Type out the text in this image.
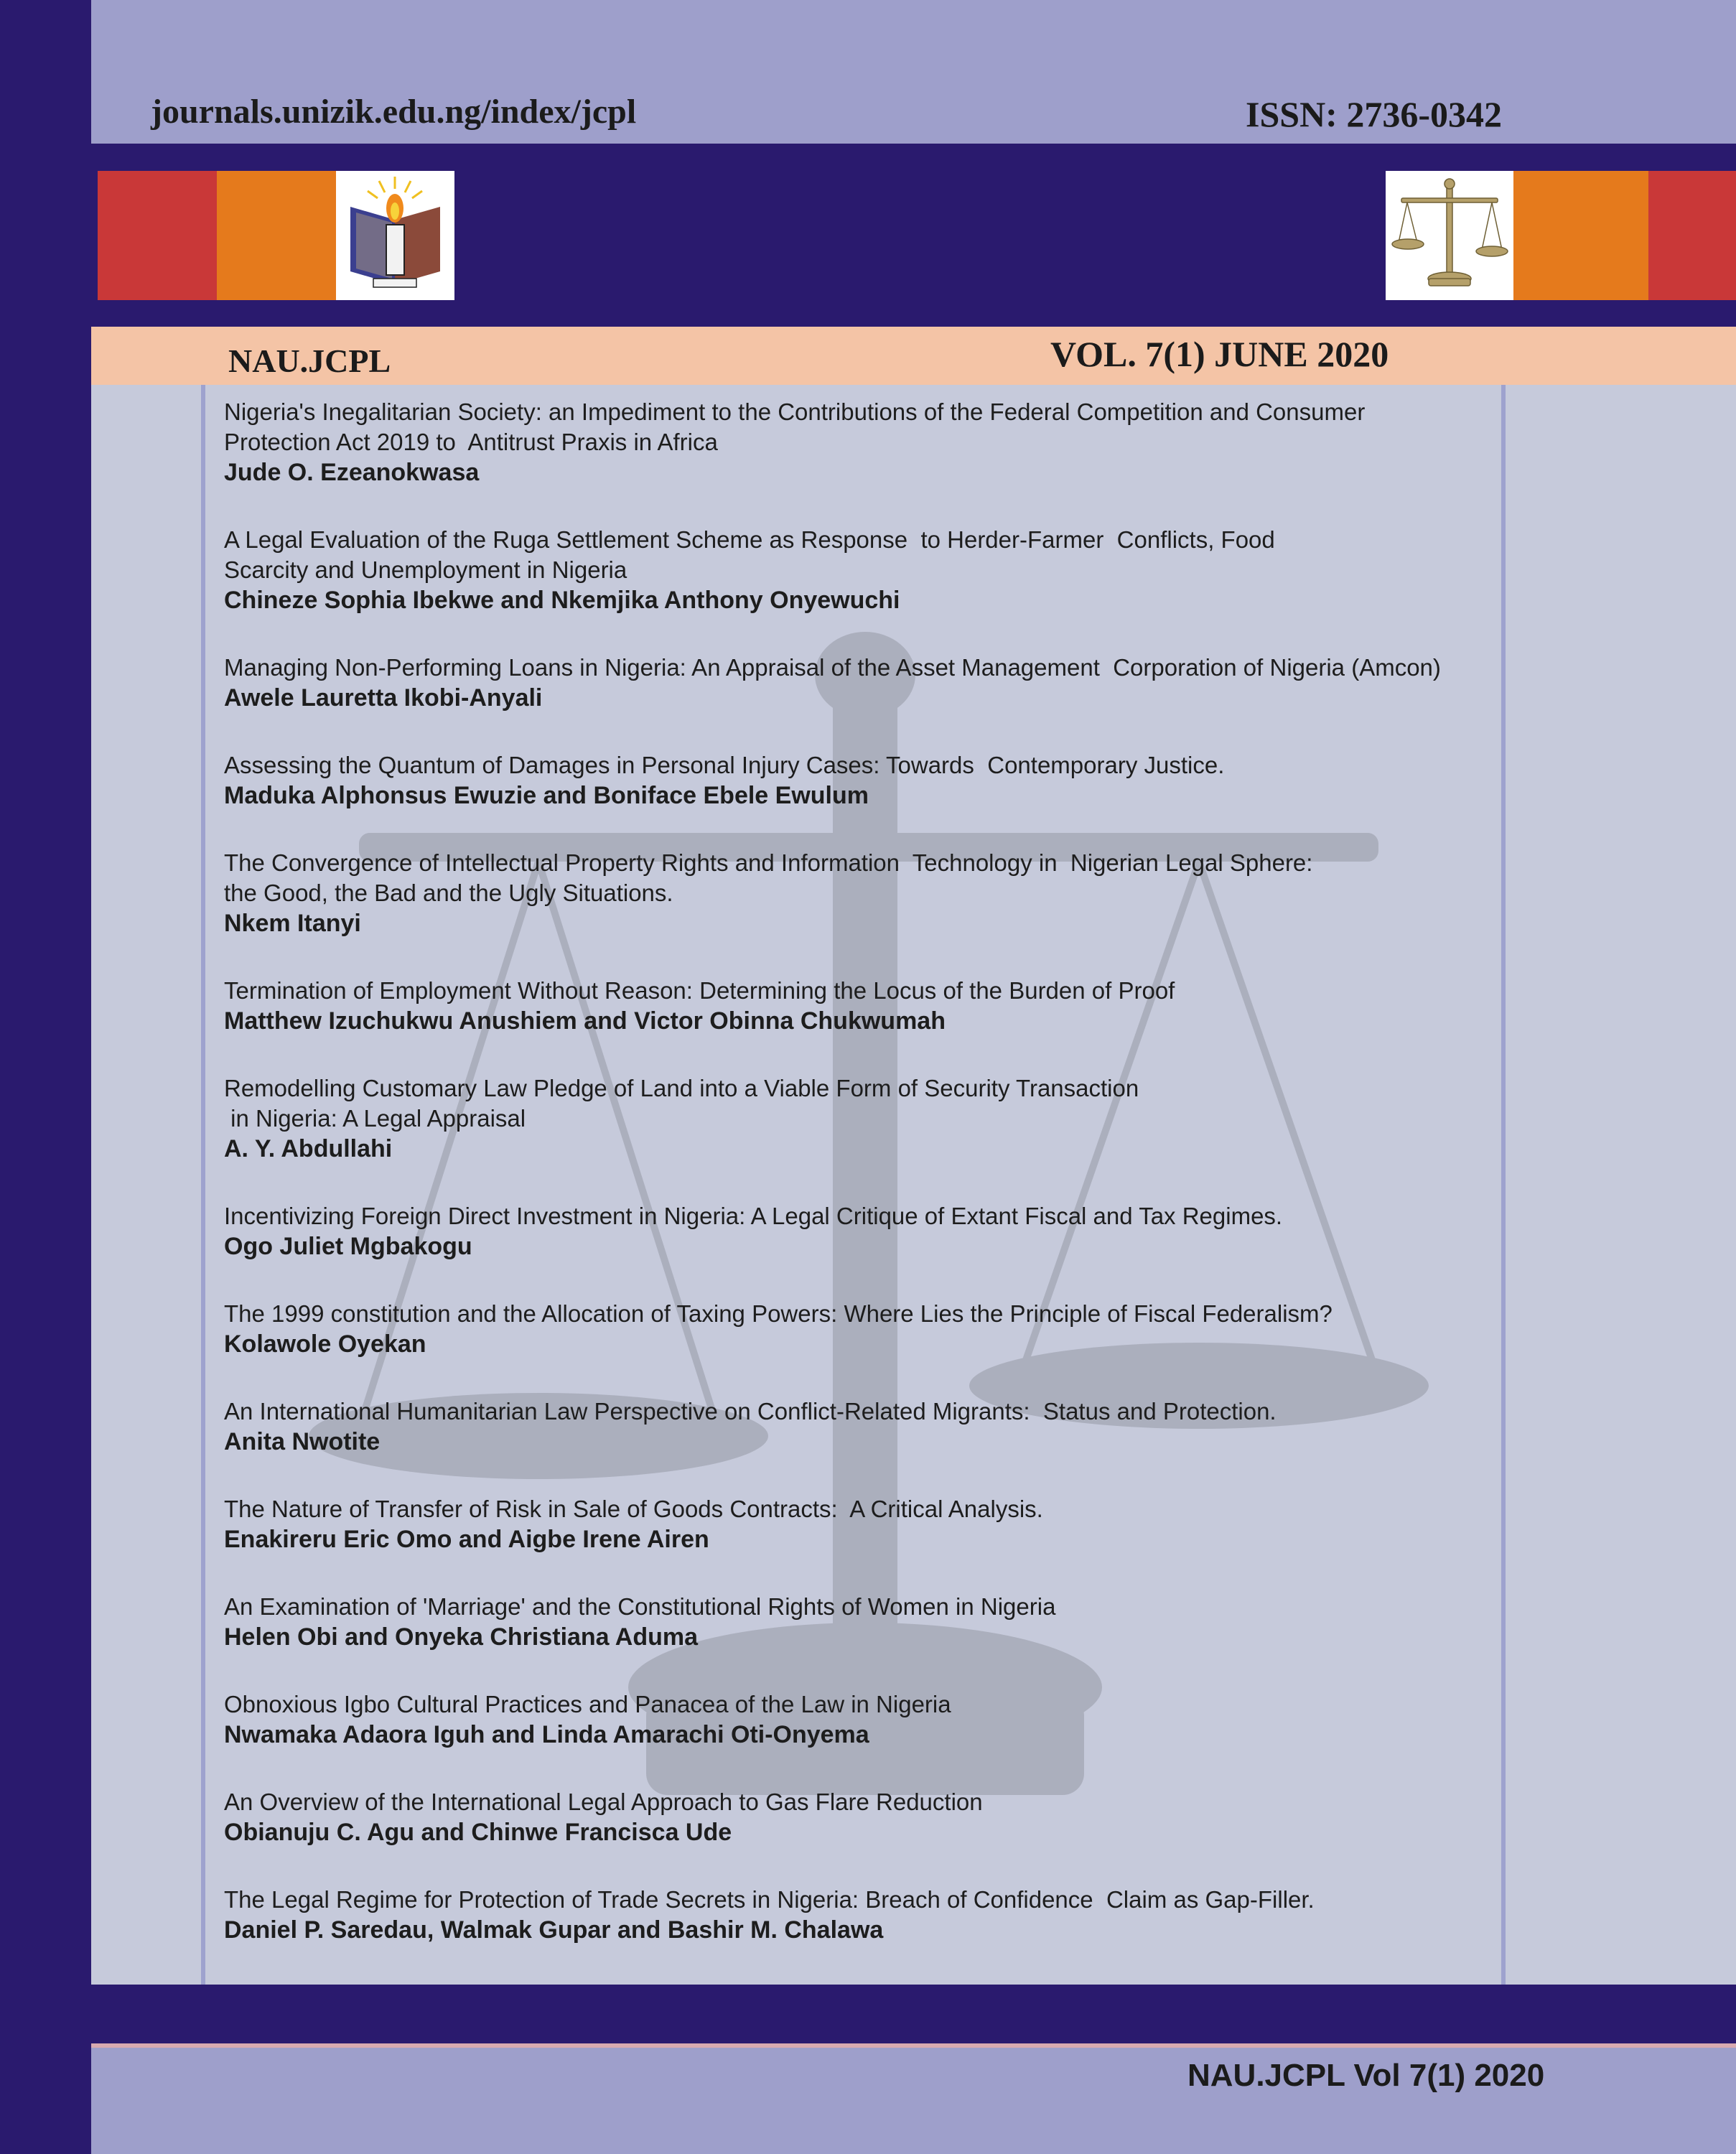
journals.unizik.edu.ng/index/jcpl	ISSN: 2736-0342
NAU.JCPL	VOL. 7(1) JUNE 2020
Nigeria's Inegalitarian Society: an Impediment to the Contributions of the Federal Competition and Consumer
Protection Act 2019 to  Antitrust Praxis in Africa
Jude O. Ezeanokwasa
A Legal Evaluation of the Ruga Settlement Scheme as Response  to Herder-Farmer  Conflicts, Food
Scarcity and Unemployment in Nigeria
Chineze Sophia Ibekwe and Nkemjika Anthony Onyewuchi
Managing Non-Performing Loans in Nigeria: An Appraisal of the Asset Management  Corporation of Nigeria (Amcon)
Awele Lauretta Ikobi-Anyali
Assessing the Quantum of Damages in Personal Injury Cases: Towards  Contemporary Justice.
Maduka Alphonsus Ewuzie and Boniface Ebele Ewulum
The Convergence of Intellectual Property Rights and Information  Technology in  Nigerian Legal Sphere:
the Good, the Bad and the Ugly Situations.
Nkem Itanyi
Termination of Employment Without Reason: Determining the Locus of the Burden of Proof
Matthew Izuchukwu Anushiem and Victor Obinna Chukwumah
Remodelling Customary Law Pledge of Land into a Viable Form of Security Transaction
in Nigeria: A Legal Appraisal
A. Y. Abdullahi
Incentivizing Foreign Direct Investment in Nigeria: A Legal Critique of Extant Fiscal and Tax Regimes.
Ogo Juliet Mgbakogu
The 1999 constitution and the Allocation of Taxing Powers: Where Lies the Principle of Fiscal Federalism?
Kolawole Oyekan
An International Humanitarian Law Perspective on Conflict-Related Migrants:  Status and Protection.
Anita Nwotite
The Nature of Transfer of Risk in Sale of Goods Contracts:  A Critical Analysis.
Enakireru Eric Omo and Aigbe Irene Airen
An Examination of 'Marriage' and the Constitutional Rights of Women in Nigeria
Helen Obi and Onyeka Christiana Aduma
Obnoxious Igbo Cultural Practices and Panacea of the Law in Nigeria
Nwamaka Adaora Iguh and Linda Amarachi Oti-Onyema
An Overview of the International Legal Approach to Gas Flare Reduction
Obianuju C. Agu and Chinwe Francisca Ude
The Legal Regime for Protection of Trade Secrets in Nigeria: Breach of Confidence  Claim as Gap-Filler.
Daniel P. Saredau, Walmak Gupar and Bashir M. Chalawa
NAU.JCPL Vol 7(1) 2020
